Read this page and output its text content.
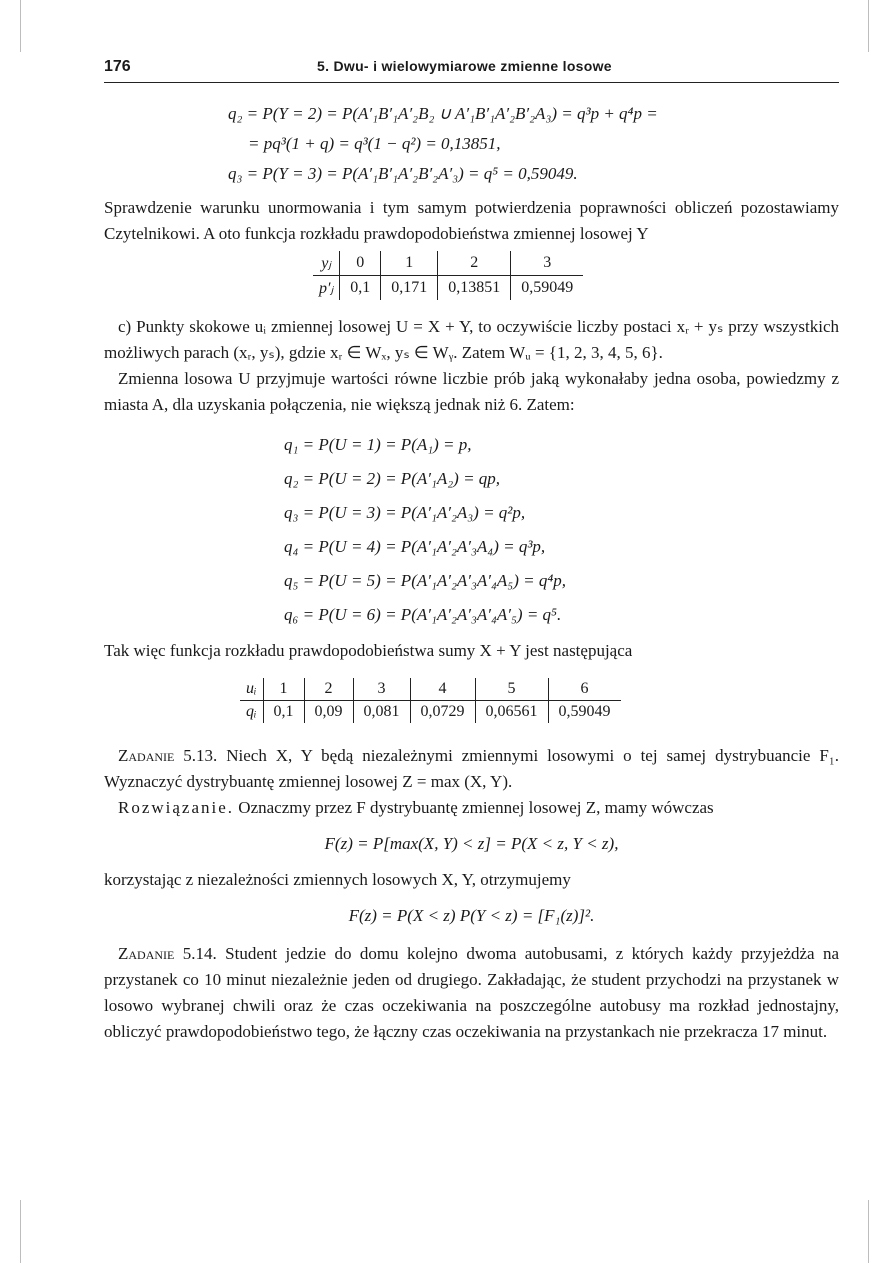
176	5. Dwu- i wielowymiarowe zmienne losowe
q₂ = P(Y = 2) = P(A′₁B′₁A′₂B₂ ∪ A′₁B′₁A′₂B′₂A₃) = q³p + q⁴p =
= pq³(1 + q) = q³(1 − q²) = 0,13851,
q₃ = P(Y = 3) = P(A′₁B′₁A′₂B′₂A′₃) = q⁵ = 0,59049.

Sprawdzenie warunku unormowania i tym samym potwierdzenia poprawności obliczeń pozostawiamy Czytelnikowi. A oto funkcja rozkładu prawdopodobieństwa zmiennej losowej Y

yⱼ	0	1	2	3
p′ⱼ	0,1	0,171	0,13851	0,59049

c) Punkty skokowe uᵢ zmiennej losowej U = X + Y, to oczywiście liczby postaci xᵣ + yₛ przy wszystkich możliwych parach (xᵣ, yₛ), gdzie xᵣ ∈ Wₓ, yₛ ∈ Wᵧ. Zatem Wᵤ = {1, 2, 3, 4, 5, 6}.

Zmienna losowa U przyjmuje wartości równe liczbie prób jaką wykonałaby jedna osoba, powiedzmy z miasta A, dla uzyskania połączenia, nie większą jednak niż 6. Zatem:

q₁ = P(U = 1) = P(A₁) = p,
q₂ = P(U = 2) = P(A′₁A₂) = qp,
q₃ = P(U = 3) = P(A′₁A′₂A₃) = q²p,
q₄ = P(U = 4) = P(A′₁A′₂A′₃A₄) = q³p,
q₅ = P(U = 5) = P(A′₁A′₂A′₃A′₄A₅) = q⁴p,
q₆ = P(U = 6) = P(A′₁A′₂A′₃A′₄A′₅) = q⁵.

Tak więc funkcja rozkładu prawdopodobieństwa sumy X + Y jest następująca

uᵢ	1	2	3	4	5	6
qᵢ	0,1	0,09	0,081	0,0729	0,06561	0,59049

Zadanie 5.13. Niech X, Y będą niezależnymi zmiennymi losowymi o tej samej dystrybuancie F₁. Wyznaczyć dystrybuantę zmiennej losowej Z = max (X, Y).

Rozwiązanie. Oznaczmy przez F dystrybuantę zmiennej losowej Z, mamy wówczas

F(z) = P[max(X, Y) < z] = P(X < z, Y < z),

korzystając z niezależności zmiennych losowych X, Y, otrzymujemy

F(z) = P(X < z) P(Y < z) = [F₁(z)]².

Zadanie 5.14. Student jedzie do domu kolejno dwoma autobusami, z których każdy przyjeżdża na przystanek co 10 minut niezależnie jeden od drugiego. Zakładając, że student przychodzi na przystanek w losowo wybranej chwili oraz że czas oczekiwania na poszczególne autobusy ma rozkład jednostajny, obliczyć prawdopodobieństwo tego, że łączny czas oczekiwania na przystankach nie przekracza 17 minut.
